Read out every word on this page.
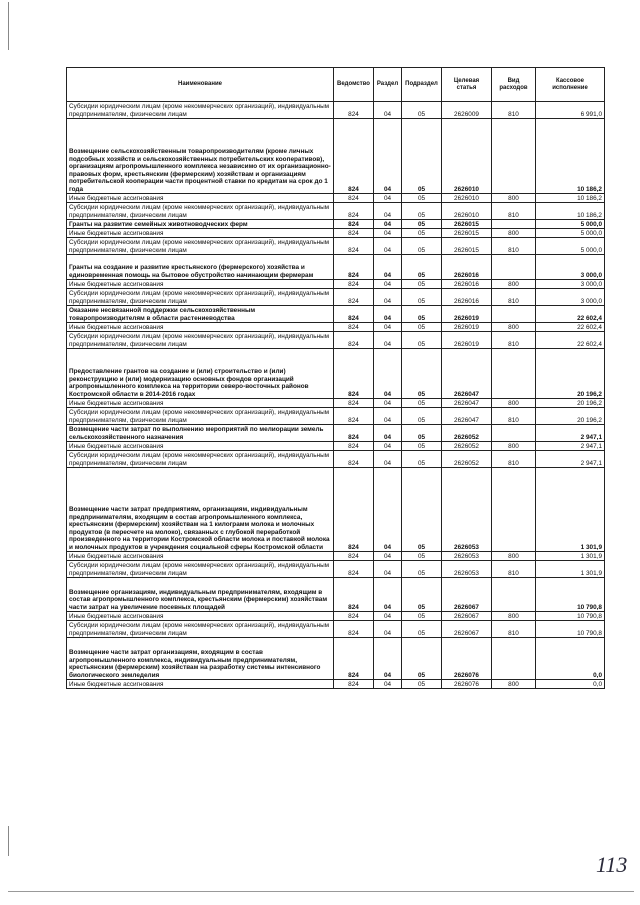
Наименование	Ведомство	Раздел	Подраздел	Целевая статья	Вид расходов	Кассовое исполнение
Субсидии юридическим лицам (кроме некоммерческих организаций), индивидуальным предпринимателям, физическим лицам	824	04	05	2626009	810	6 991,0
Возмещение сельскохозяйственным товаропроизводителям (кроме личных подсобных хозяйств и сельскохозяйственных потребительских кооперативов), организациям агропромышленного комплекса независимо от их организационно-правовых форм, крестьянским (фермерским) хозяйствам и организациям потребительской кооперации части процентной ставки по кредитам на срок до 1 года	824	04	05	2626010		10 186,2
Иные бюджетные ассигнования	824	04	05	2626010	800	10 186,2
Субсидии юридическим лицам (кроме некоммерческих организаций), индивидуальным предпринимателям, физическим лицам	824	04	05	2626010	810	10 186,2
Гранты на развитие семейных животноводческих ферм	824	04	05	2626015		5 000,0
Иные бюджетные ассигнования	824	04	05	2626015	800	5 000,0
Субсидии юридическим лицам (кроме некоммерческих организаций), индивидуальным предпринимателям, физическим лицам	824	04	05	2626015	810	5 000,0
Гранты на создание и развитие крестьянского (фермерского) хозяйства и единовременная помощь на бытовое обустройство начинающим фермерам	824	04	05	2626016		3 000,0
Иные бюджетные ассигнования	824	04	05	2626016	800	3 000,0
Субсидии юридическим лицам (кроме некоммерческих организаций), индивидуальным предпринимателям, физическим лицам	824	04	05	2626016	810	3 000,0
Оказание несвязанной поддержки сельскохозяйственным товаропроизводителям в области растениеводства	824	04	05	2626019		22 602,4
Иные бюджетные ассигнования	824	04	05	2626019	800	22 602,4
Субсидии юридическим лицам (кроме некоммерческих организаций), индивидуальным предпринимателям, физическим лицам	824	04	05	2626019	810	22 602,4
Предоставление грантов на создание и (или) строительство и (или) реконструкцию и (или) модернизацию основных фондов организаций агропромышленного комплекса на территории северо-восточных районов Костромской области в 2014-2016 годах	824	04	05	2626047		20 196,2
Иные бюджетные ассигнования	824	04	05	2626047	800	20 196,2
Субсидии юридическим лицам (кроме некоммерческих организаций), индивидуальным предпринимателям, физическим лицам	824	04	05	2626047	810	20 196,2
Возмещение части затрат по выполнению мероприятий по мелиорации земель сельскохозяйственного назначения	824	04	05	2626052		2 947,1
Иные бюджетные ассигнования	824	04	05	2626052	800	2 947,1
Субсидии юридическим лицам (кроме некоммерческих организаций), индивидуальным предпринимателям, физическим лицам	824	04	05	2626052	810	2 947,1
Возмещение части затрат предприятиям, организациям, индивидуальным предпринимателям, входящим в состав агропромышленного комплекса, крестьянским (фермерским) хозяйствам на 1 килограмм молока и молочных продуктов (в пересчете на молоко), связанных с глубокой переработкой произведенного на территории Костромской области молока и поставкой молока и молочных продуктов в учреждения социальной сферы Костромской области	824	04	05	2626053		1 301,9
Иные бюджетные ассигнования	824	04	05	2626053	800	1 301,9
Субсидии юридическим лицам (кроме некоммерческих организаций), индивидуальным предпринимателям, физическим лицам	824	04	05	2626053	810	1 301,9
Возмещение организациям, индивидуальным предпринимателям, входящим в состав агропромышленного комплекса, крестьянским (фермерским) хозяйствам части затрат на увеличение посевных площадей	824	04	05	2626067		10 790,8
Иные бюджетные ассигнования	824	04	05	2626067	800	10 790,8
Субсидии юридическим лицам (кроме некоммерческих организаций), индивидуальным предпринимателям, физическим лицам	824	04	05	2626067	810	10 790,8
Возмещение части затрат организациям, входящим в состав агропромышленного комплекса, индивидуальным предпринимателям, крестьянским (фермерским) хозяйствам на разработку системы интенсивного биологического земледелия	824	04	05	2626076		0,0
Иные бюджетные ассигнования	824	04	05	2626076	800	0,0
113
